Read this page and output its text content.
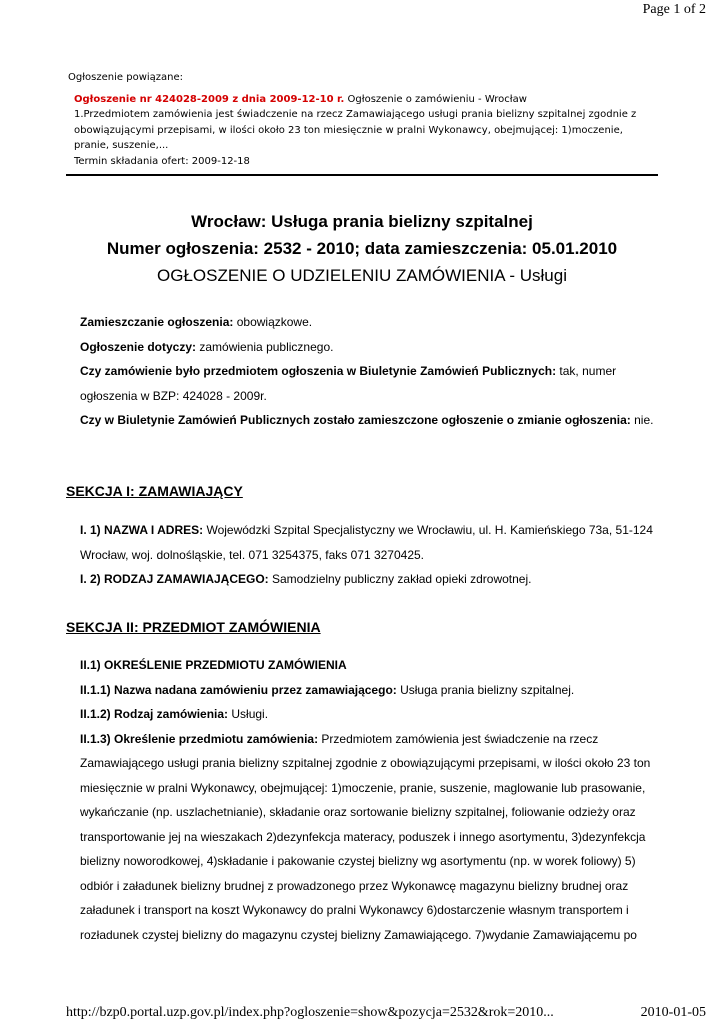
Page 1 of 2
Ogłoszenie powiązane:
Ogłoszenie nr 424028-2009 z dnia 2009-12-10 r. Ogłoszenie o zamówieniu - Wrocław
1.Przedmiotem zamówienia jest świadczenie na rzecz Zamawiającego usługi prania bielizny szpitalnej zgodnie z obowiązującymi przepisami, w ilości około 23 ton miesięcznie w pralni Wykonawcy, obejmującej: 1)moczenie, pranie, suszenie,...
Termin składania ofert: 2009-12-18
Wrocław: Usługa prania bielizny szpitalnej
Numer ogłoszenia: 2532 - 2010; data zamieszczenia: 05.01.2010
OGŁOSZENIE O UDZIELENIU ZAMÓWIENIA - Usługi

Zamieszczanie ogłoszenia: obowiązkowe.

Ogłoszenie dotyczy: zamówienia publicznego.

Czy zamówienie było przedmiotem ogłoszenia w Biuletynie Zamówień Publicznych: tak, numer ogłoszenia w BZP: 424028 - 2009r.

Czy w Biuletynie Zamówień Publicznych zostało zamieszczone ogłoszenie o zmianie ogłoszenia: nie.

SEKCJA I: ZAMAWIAJĄCY

I. 1) NAZWA I ADRES: Wojewódzki Szpital Specjalistyczny we Wrocławiu, ul. H. Kamieńskiego 73a, 51-124 Wrocław, woj. dolnośląskie, tel. 071 3254375, faks 071 3270425.

I. 2) RODZAJ ZAMAWIAJĄCEGO: Samodzielny publiczny zakład opieki zdrowotnej.

SEKCJA II: PRZEDMIOT ZAMÓWIENIA

II.1) OKREŚLENIE PRZEDMIOTU ZAMÓWIENIA

II.1.1) Nazwa nadana zamówieniu przez zamawiającego: Usługa prania bielizny szpitalnej.

II.1.2) Rodzaj zamówienia: Usługi.

II.1.3) Określenie przedmiotu zamówienia: Przedmiotem zamówienia jest świadczenie na rzecz Zamawiającego usługi prania bielizny szpitalnej zgodnie z obowiązującymi przepisami, w ilości około 23 ton miesięcznie w pralni Wykonawcy, obejmującej: 1)moczenie, pranie, suszenie, maglowanie lub prasowanie, wykańczanie (np. uszlachetnianie), składanie oraz sortowanie bielizny szpitalnej, foliowanie odzieży oraz transportowanie jej na wieszakach 2)dezynfekcja materacy, poduszek i innego asortymentu, 3)dezynfekcja bielizny noworodkowej, 4)składanie i pakowanie czystej bielizny wg asortymentu (np. w worek foliowy) 5) odbiór i załadunek bielizny brudnej z prowadzonego przez Wykonawcę magazynu bielizny brudnej oraz załadunek i transport na koszt Wykonawcy do pralni Wykonawcy 6)dostarczenie własnym transportem i rozładunek czystej bielizny do magazynu czystej bielizny Zamawiającego. 7)wydanie Zamawiającemu po

http://bzp0.portal.uzp.gov.pl/index.php?ogloszenie=show&pozycja=2532&rok=2010...	2010-01-05
